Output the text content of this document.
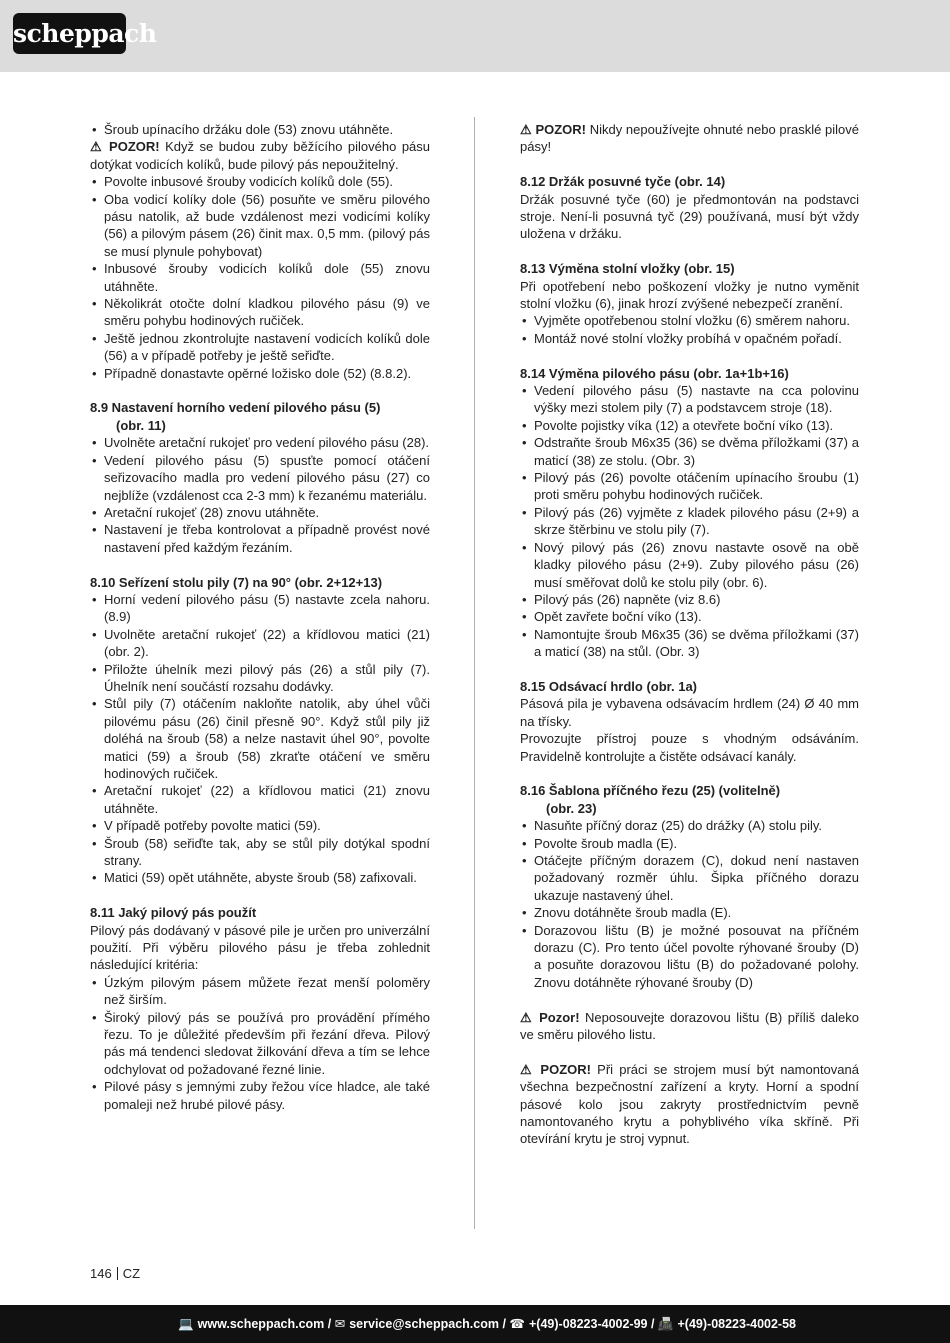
scheppach
• Šroub upínacího držáku dole (53) znovu utáhněte.

⚠ POZOR! Když se budou zuby běžícího pilového pásu dotýkat vodicích kolíků, bude pilový pás nepoužitelný.

• Povolte inbusové šrouby vodicích kolíků dole (55).
• Oba vodicí kolíky dole (56) posuňte ve směru pilového pásu natolik, až bude vzdálenost mezi vodicími kolíky (56) a pilovým pásem (26) činit max. 0,5 mm. (pilový pás se musí plynule pohybovat)
• Inbusové šrouby vodicích kolíků dole (55) znovu utáhněte.
• Několikrát otočte dolní kladkou pilového pásu (9) ve směru pohybu hodinových ručiček.
• Ještě jednou zkontrolujte nastavení vodicích kolíků dole (56) a v případě potřeby je ještě seřiďte.
• Případně donastavte opěrné ložisko dole (52) (8.8.2).
8.9 Nastavení horního vedení pilového pásu (5)
(obr. 11)
• Uvolněte aretační rukojeť pro vedení pilového pásu (28).
• Vedení pilového pásu (5) spusťte pomocí otáčení seřizovacího madla pro vedení pilového pásu (27) co nejblíže (vzdálenost cca 2-3 mm) k řezanému materiálu.
• Aretační rukojeť (28) znovu utáhněte.
• Nastavení je třeba kontrolovat a případně provést nové nastavení před každým řezáním.
8.10 Seřízení stolu pily (7) na 90° (obr. 2+12+13)
• Horní vedení pilového pásu (5) nastavte zcela nahoru. (8.9)
• Uvolněte aretační rukojeť (22) a křídlovou matici (21) (obr. 2).
• Přiložte úhelník mezi pilový pás (26) a stůl pily (7). Úhelník není součástí rozsahu dodávky.
• Stůl pily (7) otáčením nakloňte natolik, aby úhel vůči pilovému pásu (26) činil přesně 90°. Když stůl pily již doléhá na šroub (58) a nelze nastavit úhel 90°, povolte matici (59) a šroub (58) zkraťte otáčení ve směru hodinových ručiček.
• Aretační rukojeť (22) a křídlovou matici (21) znovu utáhněte.
• V případě potřeby povolte matici (59).
• Šroub (58) seřiďte tak, aby se stůl pily dotýkal spodní strany.
• Matici (59) opět utáhněte, abyste šroub (58) zafixovali.
8.11 Jaký pilový pás použít

Pilový pás dodávaný v pásové pile je určen pro univerzální použití. Při výběru pilového pásu je třeba zohlednit následující kritéria:

• Úzkým pilovým pásem můžete řezat menší poloměry než širším.
• Široký pilový pás se používá pro provádění přímého řezu. To je důležité především při řezání dřeva. Pilový pás má tendenci sledovat žilkování dřeva a tím se lehce odchylovat od požadované řezné linie.
• Pilové pásy s jemnými zuby řežou více hladce, ale také pomaleji než hrubé pilové pásy.

⚠ POZOR! Nikdy nepoužívejte ohnuté nebo prasklé pilové pásy!

8.12 Držák posuvné tyče (obr. 14)

Držák posuvné tyče (60) je předmontován na podstavci stroje. Není-li posuvná tyč (29) používaná, musí být vždy uložena v držáku.

8.13 Výměna stolní vložky (obr. 15)

Při opotřebení nebo poškození vložky je nutno vyměnit stolní vložku (6), jinak hrozí zvýšené nebezpečí zranění.

• Vyjměte opotřebenou stolní vložku (6) směrem nahoru.
• Montáž nové stolní vložky probíhá v opačném pořadí.
8.14 Výměna pilového pásu (obr. 1a+1b+16)
• Vedení pilového pásu (5) nastavte na cca polovinu výšky mezi stolem pily (7) a podstavcem stroje (18).
• Povolte pojistky víka (12) a otevřete boční víko (13).
• Odstraňte šroub M6x35 (36) se dvěma příložkami (37) a maticí (38) ze stolu. (Obr. 3)
• Pilový pás (26) povolte otáčením upínacího šroubu (1) proti směru pohybu hodinových ručiček.
• Pilový pás (26) vyjměte z kladek pilového pásu (2+9) a skrze štěrbinu ve stolu pily (7).
• Nový pilový pás (26) znovu nastavte osově na obě kladky pilového pásu (2+9). Zuby pilového pásu (26) musí směřovat dolů ke stolu pily (obr. 6).
• Pilový pás (26) napněte (viz 8.6)
• Opět zavřete boční víko (13).
• Namontujte šroub M6x35 (36) se dvěma příložkami (37) a maticí (38) na stůl. (Obr. 3)
8.15 Odsávací hrdlo (obr. 1a)

Pásová pila je vybavena odsávacím hrdlem (24) Ø 40 mm na třísky.

Provozujte přístroj pouze s vhodným odsáváním. Pravidelně kontrolujte a čistěte odsávací kanály.

8.16 Šablona příčného řezu (25) (volitelně)
(obr. 23)
• Nasuňte příčný doraz (25) do drážky (A) stolu pily.
• Povolte šroub madla (E).
• Otáčejte příčným dorazem (C), dokud není nastaven požadovaný rozměr úhlu. Šipka příčného dorazu ukazuje nastavený úhel.
• Znovu dotáhněte šroub madla (E).
• Dorazovou lištu (B) je možné posouvat na příčném dorazu (C). Pro tento účel povolte rýhované šrouby (D) a posuňte dorazovou lištu (B) do požadované polohy. Znovu dotáhněte rýhované šrouby (D)

⚠ Pozor! Neposouvejte dorazovou lištu (B) příliš daleko ve směru pilového listu.

⚠ POZOR! Při práci se strojem musí být namontovaná všechna bezpečnostní zařízení a kryty. Horní a spodní pásové kolo jsou zakryty prostřednictvím pevně namontovaného krytu a pohyblivého víka skříně. Při otevírání krytu je stroj vypnut.

146 CZ
💻 www.scheppach.com / ✉ service@scheppach.com / ☎ +(49)-08223-4002-99 / 📠 +(49)-08223-4002-58
